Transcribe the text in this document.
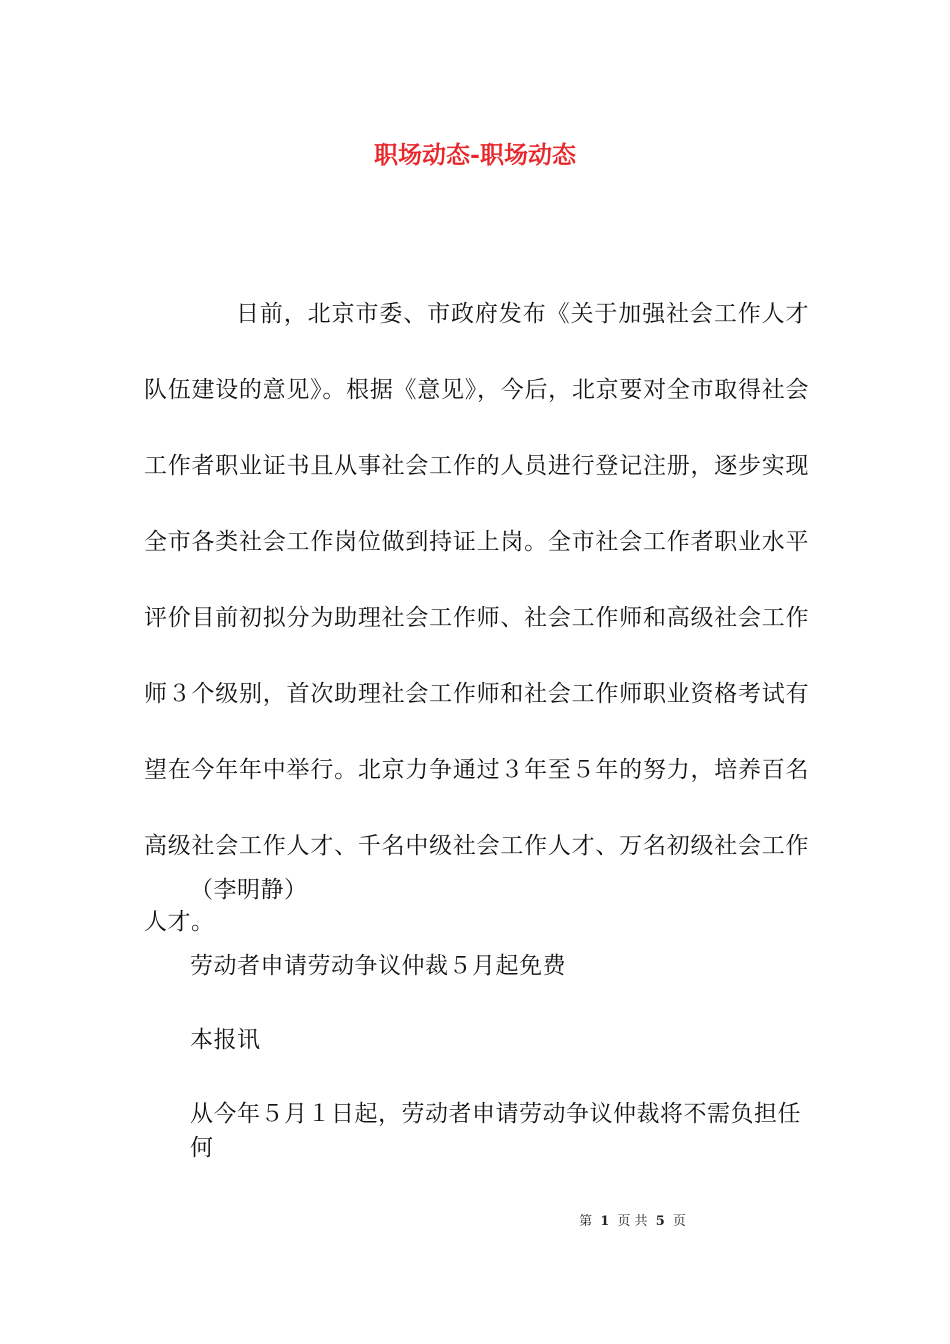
职场动态-职场动态
日前，北京市委、市政府发布《关于加强社会工作人才队伍建设的意见》。根据《意见》，今后，北京要对全市取得社会工作者职业证书且从事社会工作的人员进行登记注册，逐步实现全市各类社会工作岗位做到持证上岗。全市社会工作者职业水平评价目前初拟分为助理社会工作师、社会工作师和高级社会工作师３个级别，首次助理社会工作师和社会工作师职业资格考试有望在今年年中举行。北京力争通过３年至５年的努力，培养百名高级社会工作人才、千名中级社会工作人才、万名初级社会工作人才。
（李明静）
劳动者申请劳动争议仲裁５月起免费
本报讯
从今年５月１日起，劳动者申请劳动争议仲裁将不需负担任何
第 1 页 共 5 页
